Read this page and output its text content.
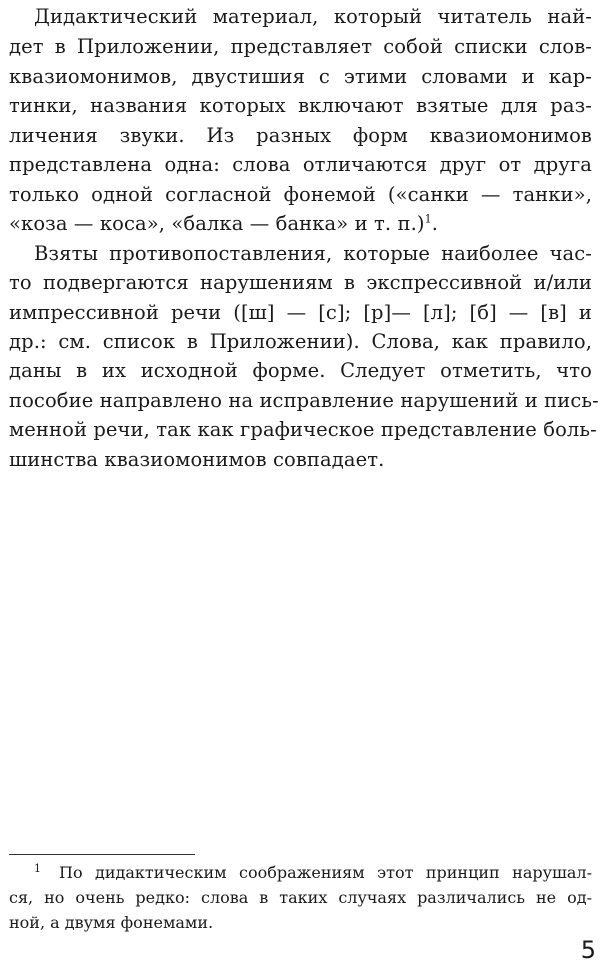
Дидактический материал, который читатель най-
дет в Приложении, представляет собой списки слов-
квазиомонимов, двустишия с этими словами и кар-
тинки, названия которых включают взятые для раз-
личения звуки. Из разных форм квазиомонимов
представлена одна: слова отличаются друг от друга
только одной согласной фонемой («санки — танки»,
«коза — коса», «балка — банка» и т. п.)$^1$.
Взяты противопоставления, которые наиболее час-
то подвергаются нарушениям в экспрессивной и/или
импрессивной речи ([ш] — [с]; [р]— [л]; [б] — [в] и
др.: см. список в Приложении). Слова, как правило,
даны в их исходной форме. Следует отметить, что
пособие направлено на исправление нарушений и пись-
менной речи, так как графическое представление боль-
шинства квазиомонимов совпадает.
1 По дидактическим соображениям этот принцип нарушал-
ся, но очень редко: слова в таких случаях различались не од-
ной, а двумя фонемами.
5
